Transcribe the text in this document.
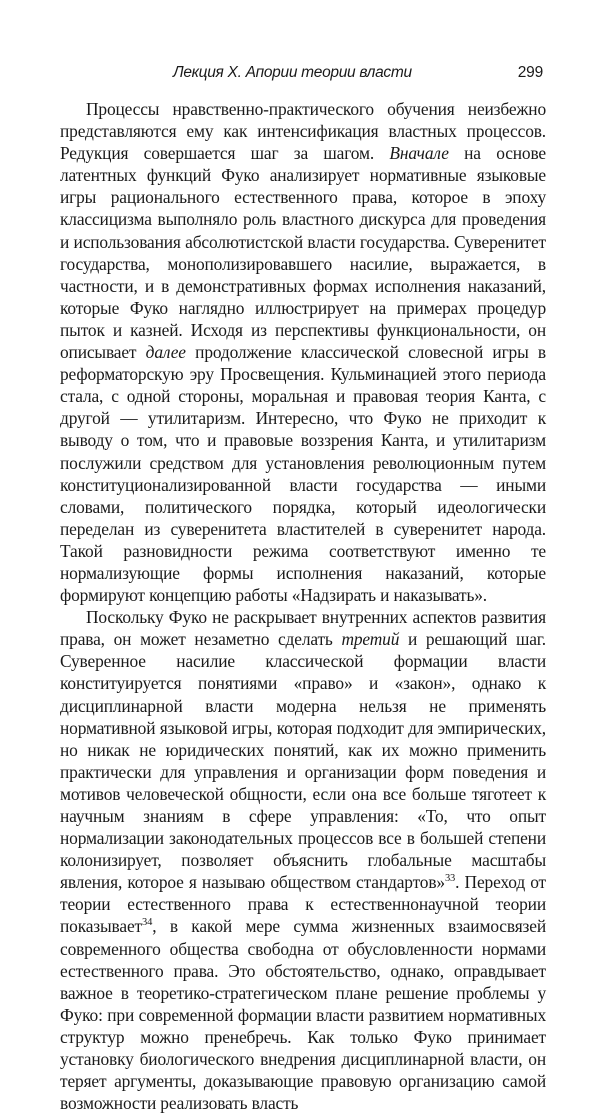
Лекция X. Апории теории власти	299

Процессы нравственно-практического обучения неизбежно представляются ему как интенсификация властных процессов. Редукция совершается шаг за шагом. Вначале на основе латентных функций Фуко анализирует нормативные языковые игры рационального естественного права, которое в эпоху классицизма выполняло роль властного дискурса для проведения и использования абсолютистской власти государства. Суверенитет государства, монополизировавшего насилие, выражается, в частности, и в демонстративных формах исполнения наказаний, которые Фуко наглядно иллюстрирует на примерах процедур пыток и казней. Исходя из перспективы функциональности, он описывает далее продолжение классической словесной игры в реформаторскую эру Просвещения. Кульминацией этого периода стала, с одной стороны, моральная и правовая теория Канта, с другой — утилитаризм. Интересно, что Фуко не приходит к выводу о том, что и правовые воззрения Канта, и утилитаризм послужили средством для установления революционным путем конституционализированной власти государства — иными словами, политического порядка, который идеологически переделан из суверенитета властителей в суверенитет народа. Такой разновидности режима соответствуют именно те нормализующие формы исполнения наказаний, которые формируют концепцию работы «Надзирать и наказывать».

Поскольку Фуко не раскрывает внутренних аспектов развития права, он может незаметно сделать третий и решающий шаг. Суверенное насилие классической формации власти конституируется понятиями «право» и «закон», однако к дисциплинарной власти модерна нельзя не применять нормативной языковой игры, которая подходит для эмпирических, но никак не юридических понятий, как их можно применить практически для управления и организации форм поведения и мотивов человеческой общности, если она все больше тяготеет к научным знаниям в сфере управления: «То, что опыт нормализации законодательных процессов все в большей степени колонизирует, позволяет объяснить глобальные масштабы явления, которое я называю обществом стандартов»$^{33}$. Переход от теории естественного права к естественнонаучной теории показывает$^{34}$, в какой мере сумма жизненных взаимосвязей современного общества свободна от обусловленности нормами естественного права. Это обстоятельство, однако, оправдывает важное в теоретико-стратегическом плане решение проблемы у Фуко: при современной формации власти развитием нормативных структур можно пренебречь. Как только Фуко принимает установку биологического внедрения дисциплинарной власти, он теряет аргументы, доказывающие правовую организацию самой возможности реализовать власть
